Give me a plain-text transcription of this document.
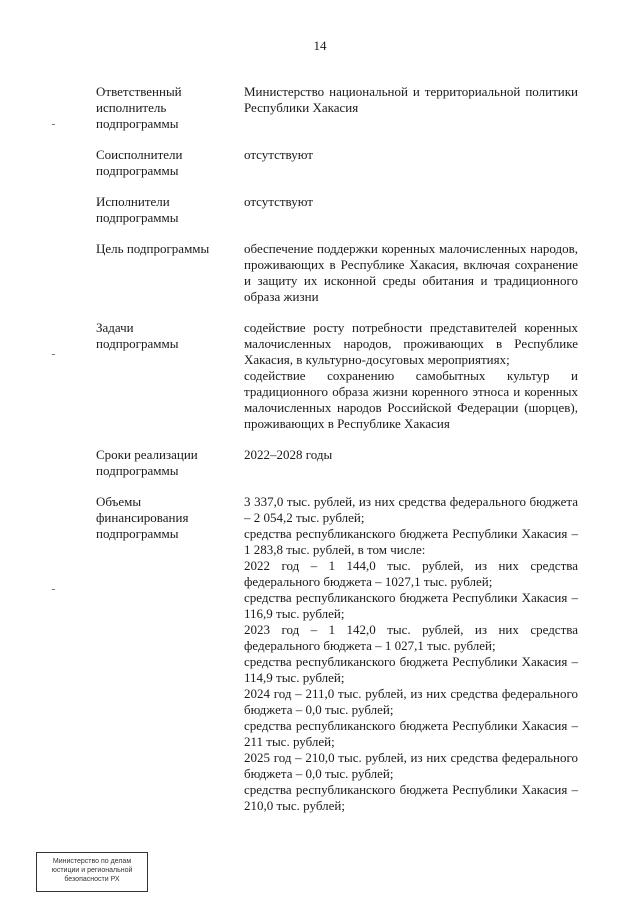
14
Ответственный
исполнитель
подпрограммы

Министерство национальной и территориальной политики Республики Хакасия

Соисполнители
подпрограммы

отсутствуют

Исполнители
подпрограммы

отсутствуют

Цель подпрограммы	обеспечение поддержки коренных малочисленных народов, проживающих в Республике Хакасия, включая сохранение и защиту их исконной среды обитания и традиционного образа жизни

Задачи
подпрограммы

содействие росту потребности представителей коренных малочисленных народов, проживающих в Республике Хакасия, в культурно-досуговых мероприятиях;

содействие сохранению самобытных культур и традиционного образа жизни коренного этноса и коренных малочисленных народов Российской Федерации (шорцев), проживающих в Республике Хакасия

Сроки реализации
подпрограммы

2022–2028 годы

Объемы
финансирования
подпрограммы

3 337,0 тыс. рублей, из них средства федерального бюджета – 2 054,2 тыс. рублей;

средства республиканского бюджета Республики Хакасия – 1 283,8 тыс. рублей, в том числе:

2022 год – 1 144,0 тыс. рублей, из них средства федерального бюджета – 1027,1 тыс. рублей;

средства республиканского бюджета Республики Хакасия – 116,9 тыс. рублей;

2023 год – 1 142,0 тыс. рублей, из них средства федерального бюджета – 1 027,1 тыс. рублей;

средства республиканского бюджета Республики Хакасия – 114,9 тыс. рублей;

2024 год – 211,0 тыс. рублей, из них средства федерального бюджета – 0,0 тыс. рублей;

средства республиканского бюджета Республики Хакасия – 211 тыс. рублей;

2025 год – 210,0 тыс. рублей, из них средства федерального бюджета – 0,0 тыс. рублей;

средства республиканского бюджета Республики Хакасия – 210,0 тыс. рублей;

Министерство по делам
юстиции и региональной
безопасности РХ
